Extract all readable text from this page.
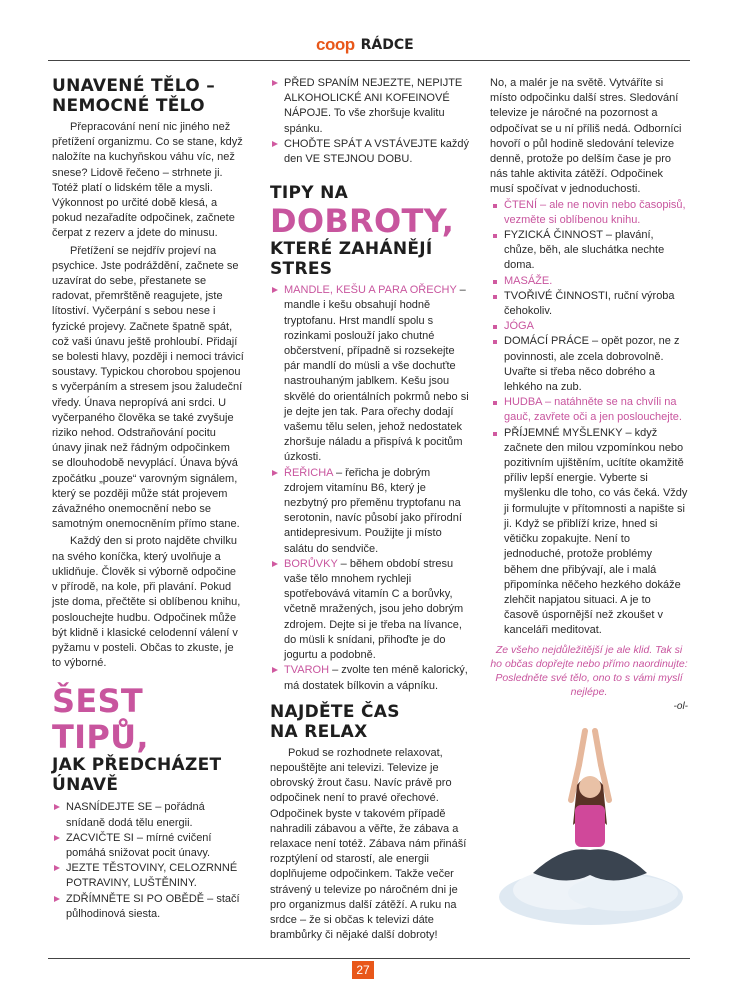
coop RÁDCE
UNAVENÉ TĚLO –
NEMOCNÉ TĚLO

Přepracování není nic jiného než přetížení organizmu. Co se stane, když naložíte na kuchyňskou váhu víc, než snese? Lidově řečeno – strhnete ji. Totéž platí o lidském těle a mysli. Výkonnost po určité době klesá, a pokud nezařadíte odpočinek, začnete čerpat z rezerv a jdete do minusu.

Přetížení se nejdřív projeví na psychice. Jste podráždění, začnete se uzavírat do sebe, přestanete se radovat, přemrštěně reagujete, jste lítostiví. Vyčerpání s sebou nese i fyzické projevy. Začnete špatně spát, což vaši únavu ještě prohloubí. Přidají se bolesti hlavy, později i nemoci trávicí soustavy. Typickou chorobou spojenou s vyčerpáním a stresem jsou žaludeční vředy. Únava nepropívá ani srdci. U vyčerpaného člověka se také zvyšuje riziko nehod. Odstraňování pocitu únavy jinak než řádným odpočinkem se dlouhodobě nevyplácí. Únava bývá zpočátku „pouze“ varovným signálem, který se později může stát projevem závažného onemocnění nebo se samotným onemocněním přímo stane.

Každý den si proto najděte chvilku na svého koníčka, který uvolňuje a uklidňuje. Člověk si výborně odpočine v přírodě, na kole, při plavání. Pokud jste doma, přečtěte si oblíbenou knihu, poslouchejte hudbu. Odpočinek může být klidně i klasické celodenní válení v pyžamu v posteli. Občas to zkuste, je to výborné.

ŠEST TIPŮ,
JAK PŘEDCHÁZET
ÚNAVĚ
NASNÍDEJTE SE – pořádná snídaně dodá tělu energii.
ZACVIČTE SI – mírné cvičení pomáhá snižovat pocit únavy.
JEZTE TĚSTOVINY, CELOZRNNÉ POTRAVINY, LUŠTĚNINY.
ZDŘÍMNĚTE SI PO OBĚDĚ – stačí půlhodinová siesta.
PŘED SPANÍM NEJEZTE, NEPIJTE ALKOHOLICKÉ ANI KOFEINOVÉ NÁPOJE. To vše zhoršuje kvalitu spánku.
CHOĎTE SPÁT A VSTÁVEJTE každý den VE STEJNOU DOBU.
TIPY NA
DOBROTY,
KTERÉ ZAHÁNĚJÍ
STRES
MANDLE, KEŠU A PARA OŘECHY – mandle i kešu obsahují hodně tryptofanu. Hrst mandlí spolu s rozinkami poslouží jako chutné občerstvení, případně si rozsekejte pár mandlí do müsli a vše dochuťte nastrouhaným jablkem. Kešu jsou skvělé do orientálních pokrmů nebo si je dejte jen tak. Para ořechy dodají vašemu tělu selen, jehož nedostatek zhoršuje náladu a přispívá k pocitům úzkosti.
ŘEŘICHA – řeřicha je dobrým zdrojem vitamínu B6, který je nezbytný pro přeměnu tryptofanu na serotonin, navíc působí jako přírodní antidepresivum. Použijte ji místo salátu do sendviče.
BORŮVKY – během období stresu vaše tělo mnohem rychleji spotřebovává vitamín C a borůvky, včetně mražených, jsou jeho dobrým zdrojem. Dejte si je třeba na lívance, do müsli k snídani, přihoďte je do jogurtu a podobně.
TVAROH – zvolte ten méně kalorický, má dostatek bílkovin a vápníku.
NAJDĚTE ČAS
NA RELAX

Pokud se rozhodnete relaxovat, nepouštějte ani televizi. Televize je obrovský žrout času. Navíc právě pro odpočinek není to pravé ořechové. Odpočinek byste v takovém případě nahradili zábavou a věřte, že zábava a relaxace není totéž. Zábava nám přináší rozptýlení od starostí, ale energii doplňujeme odpočinkem. Takže večer strávený u televize po náročném dni je pro organizmus další zátěží. A ruku na srdce – že si občas k televizi dáte brambůrky či nějaké další dobroty!

No, a malér je na světě. Vytváříte si místo odpočinku další stres. Sledování televize je náročné na pozornost a odpočívat se u ní příliš nedá. Odborníci hovoří o půl hodině sledování televize denně, protože po delším čase je pro nás tahle aktivita zátěží. Odpočinek musí spočívat v jednoduchosti.

ČTENÍ – ale ne novin nebo časopisů, vezměte si oblíbenou knihu.
FYZICKÁ ČINNOST – plavání, chůze, běh, ale sluchátka nechte doma.
MASÁŽE.
TVOŘIVÉ ČINNOSTI, ruční výroba čehokoliv.
JÓGA
DOMÁCÍ PRÁCE – opět pozor, ne z povinnosti, ale zcela dobrovolně. Uvařte si třeba něco dobrého a lehkého na zub.
HUDBA – natáhněte se na chvíli na gauč, zavřete oči a jen poslouchejte.
PŘÍJEMNÉ MYŠLENKY – když začnete den milou vzpomínkou nebo pozitivním ujištěním, ucítíte okamžitě příliv lepší energie. Vyberte si myšlenku dle toho, co vás čeká. Vždy ji formulujte v přítomnosti a napište si ji. Když se přiblíží krize, hned si větičku zopakujte. Není to jednoduché, protože problémy během dne přibývají, ale i malá připomínka něčeho hezkého dokáže zlehčit napjatou situaci. A je to časově úspornější než zkoušet v kanceláři meditovat.

Ze všeho nejdůležitější je ale klid. Tak si ho občas dopřejte nebo přímo naordinujte: Posledněte své tělo, ono to s vámi myslí nejlépe.

-ol-

27
